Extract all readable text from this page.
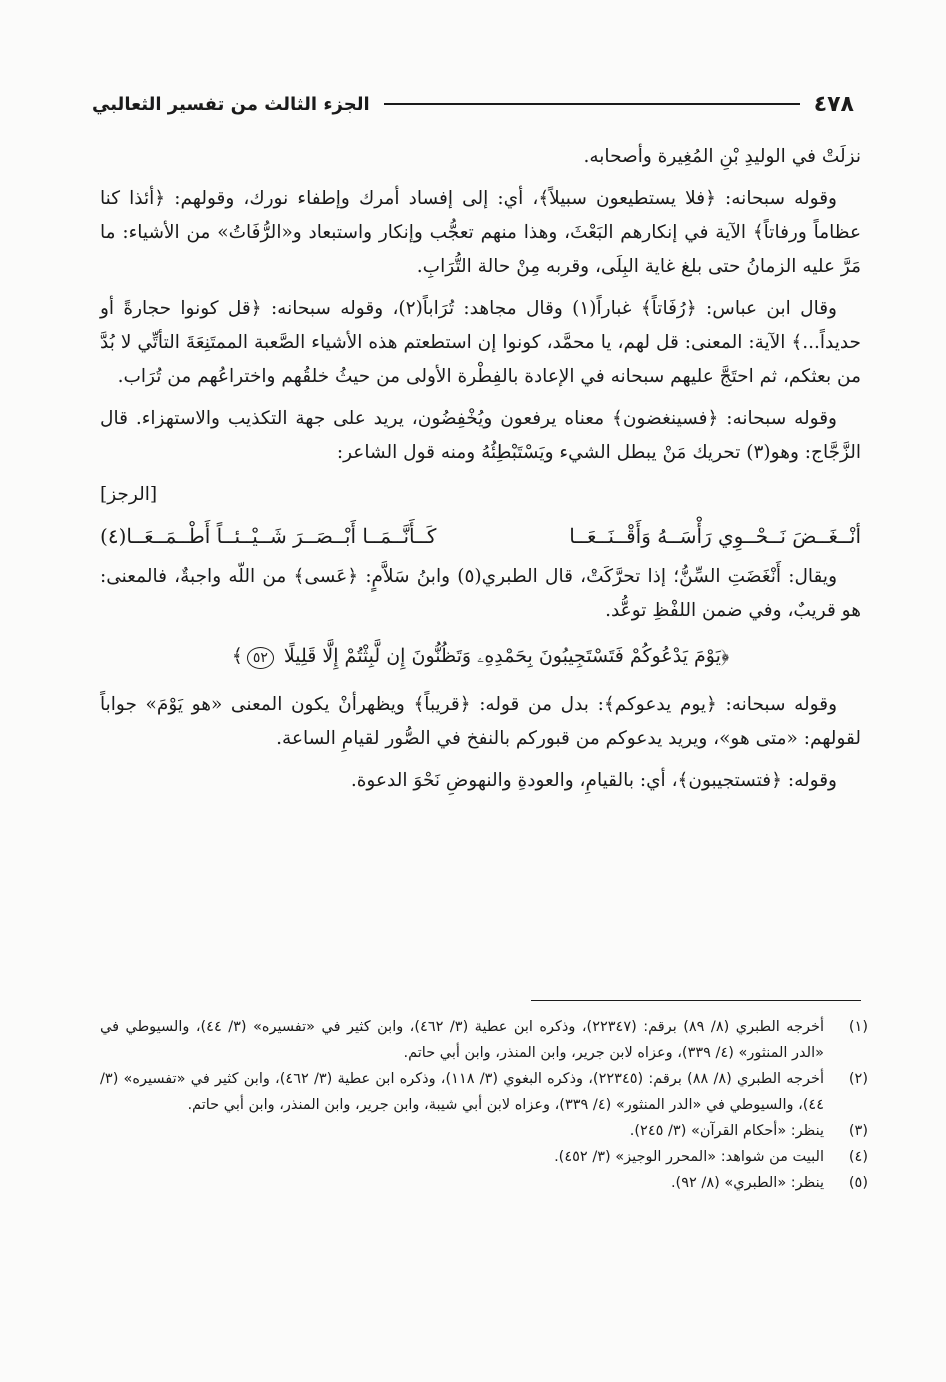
٤٧٨
الجزء الثالث من تفسير الثعالبي

نزلَتْ في الوليدِ بْنِ المُغِيرة وأصحابه.

وقوله سبحانه: ﴿فلا يستطيعون سبيلاً﴾، أي: إلى إفساد أمرك وإطفاء نورك، وقولهم: ﴿أئذا كنا عظاماً ورفاتاً﴾ الآية في إنكارهم البَعْثَ، وهذا منهم تعجُّب وإنكار واستبعاد و«الرُّفَاتُ» من الأشياء: ما مَرَّ عليه الزمانُ حتى بلغ غاية البِلَى، وقربه مِنْ حالة التُّرَابِ.

وقال ابن عباس: ﴿رُفَاتاً﴾ غباراً(١) وقال مجاهد: تُرَاباً(٢)، وقوله سبحانه: ﴿قل كونوا حجارةً أو حديداً...﴾ الآية: المعنى: قل لهم، يا محمَّد، كونوا إن استطعتم هذه الأشياء الصَّعبة الممتَنِعَةَ التأتِّي لا بُدَّ من بعثكم، ثم احتَجَّ عليهم سبحانه في الإعادة بالفِطْرة الأولى من حيثُ خلقُهم واختراعُهم من تُرَاب.

وقوله سبحانه: ﴿فسينغضون﴾ معناه يرفعون ويُخْفِضُون، يريد على جهة التكذيب والاستهزاء. قال الزَّجَّاج: وهو(٣) تحريك مَنْ يبطل الشيء ويَسْتَبْطِئُهُ ومنه قول الشاعر:

[الرجز]
أنْــغَــضَ نَــحْــوِي رَأْسَــهُ وَأَقْــنَــعَــا
كَــأَنَّــمَــا أَبْــصَــرَ شَــيْــئــاً أَطْــمَــعَــا(٤)

ويقال: أَنْغَضَتِ السِّنُّ؛ إذا تحرَّكَتْ، قال الطبري(٥) وابنُ سَلاَّمٍ: ﴿عَسى﴾ من اللّه واجبةٌ، فالمعنى: هو قريبٌ، وفي ضمن اللفْظِ توعُّد.

﴿يَوْمَ يَدْعُوكُمْ فَتَسْتَجِيبُونَ بِحَمْدِهِۦ وَتَظُنُّونَ إِن لَّبِثْتُمْ إِلَّا قَلِيلًا ٥٢﴾

وقوله سبحانه: ﴿يوم يدعوكم﴾: بدل من قوله: ﴿قريباً﴾ ويظهرأنْ يكون المعنى «هو يَوْمَ» جواباً لقولهم: «متى هو»، ويريد يدعوكم من قبوركم بالنفخ في الصُّور لقيامِ الساعة.

وقوله: ﴿فتستجيبون﴾، أي: بالقيامِ، والعودةِ والنهوضِ نَحْوَ الدعوة.

(١)
أخرجه الطبري (٨/ ٨٩) برقم: (٢٢٣٤٧)، وذكره ابن عطية (٣/ ٤٦٢)، وابن كثير في «تفسيره» (٣/ ٤٤)، والسيوطي في «الدر المنثور» (٤/ ٣٣٩)، وعزاه لابن جرير، وابن المنذر، وابن أبي حاتم.
(٢)
أخرجه الطبري (٨/ ٨٨) برقم: (٢٢٣٤٥)، وذكره البغوي (٣/ ١١٨)، وذكره ابن عطية (٣/ ٤٦٢)، وابن كثير في «تفسيره» (٣/ ٤٤)، والسيوطي في «الدر المنثور» (٤/ ٣٣٩)، وعزاه لابن أبي شيبة، وابن جرير، وابن المنذر، وابن أبي حاتم.
(٣)
ينظر: «أحكام القرآن» (٣/ ٢٤٥).
(٤)
البيت من شواهد: «المحرر الوجيز» (٣/ ٤٥٢).
(٥)
ينظر: «الطبري» (٨/ ٩٢).
